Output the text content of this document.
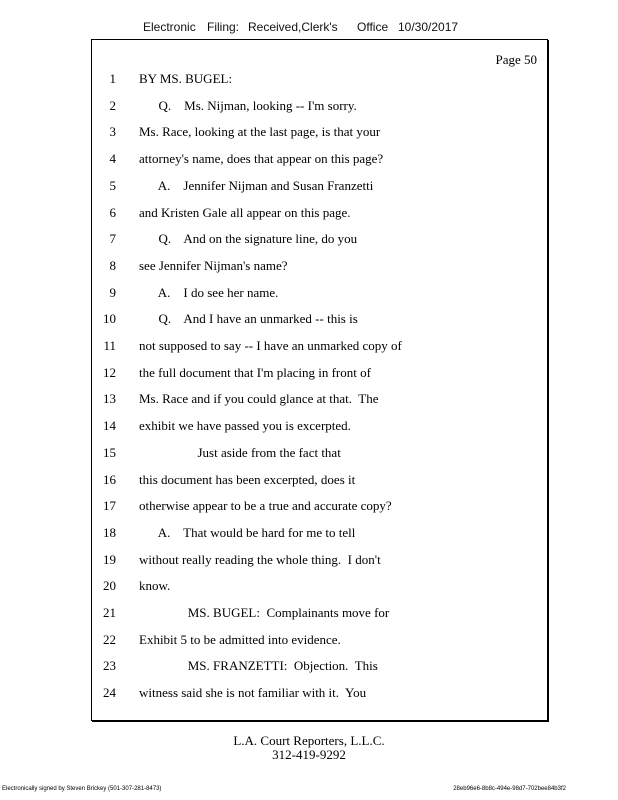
Electronic Filing: Received,Clerk's Office 10/30/2017
Page 50
1 BY MS. BUGEL:
2 Q.    Ms. Nijman, looking -- I'm sorry.
3 Ms. Race, looking at the last page, is that your
4 attorney's name, does that appear on this page?
5 A.    Jennifer Nijman and Susan Franzetti
6 and Kristen Gale all appear on this page.
7 Q.    And on the signature line, do you
8 see Jennifer Nijman's name?
9 A.    I do see her name.
10 Q.    And I have an unmarked -- this is
11 not supposed to say -- I have an unmarked copy of
12 the full document that I'm placing in front of
13 Ms. Race and if you could glance at that.  The
14 exhibit we have passed you is excerpted.
15 Just aside from the fact that
16 this document has been excerpted, does it
17 otherwise appear to be a true and accurate copy?
18 A.    That would be hard for me to tell
19 without really reading the whole thing.  I don't
20 know.
21 MS. BUGEL:  Complainants move for
22 Exhibit 5 to be admitted into evidence.
23 MS. FRANZETTI:  Objection.  This
24 witness said she is not familiar with it.  You
L.A. Court Reporters, L.L.C.
312-419-9292
Electronically signed by Steven Brickey (501-307-281-8473)	28eb96e6-8b8c-494e-98d7-702bee84b3f2
